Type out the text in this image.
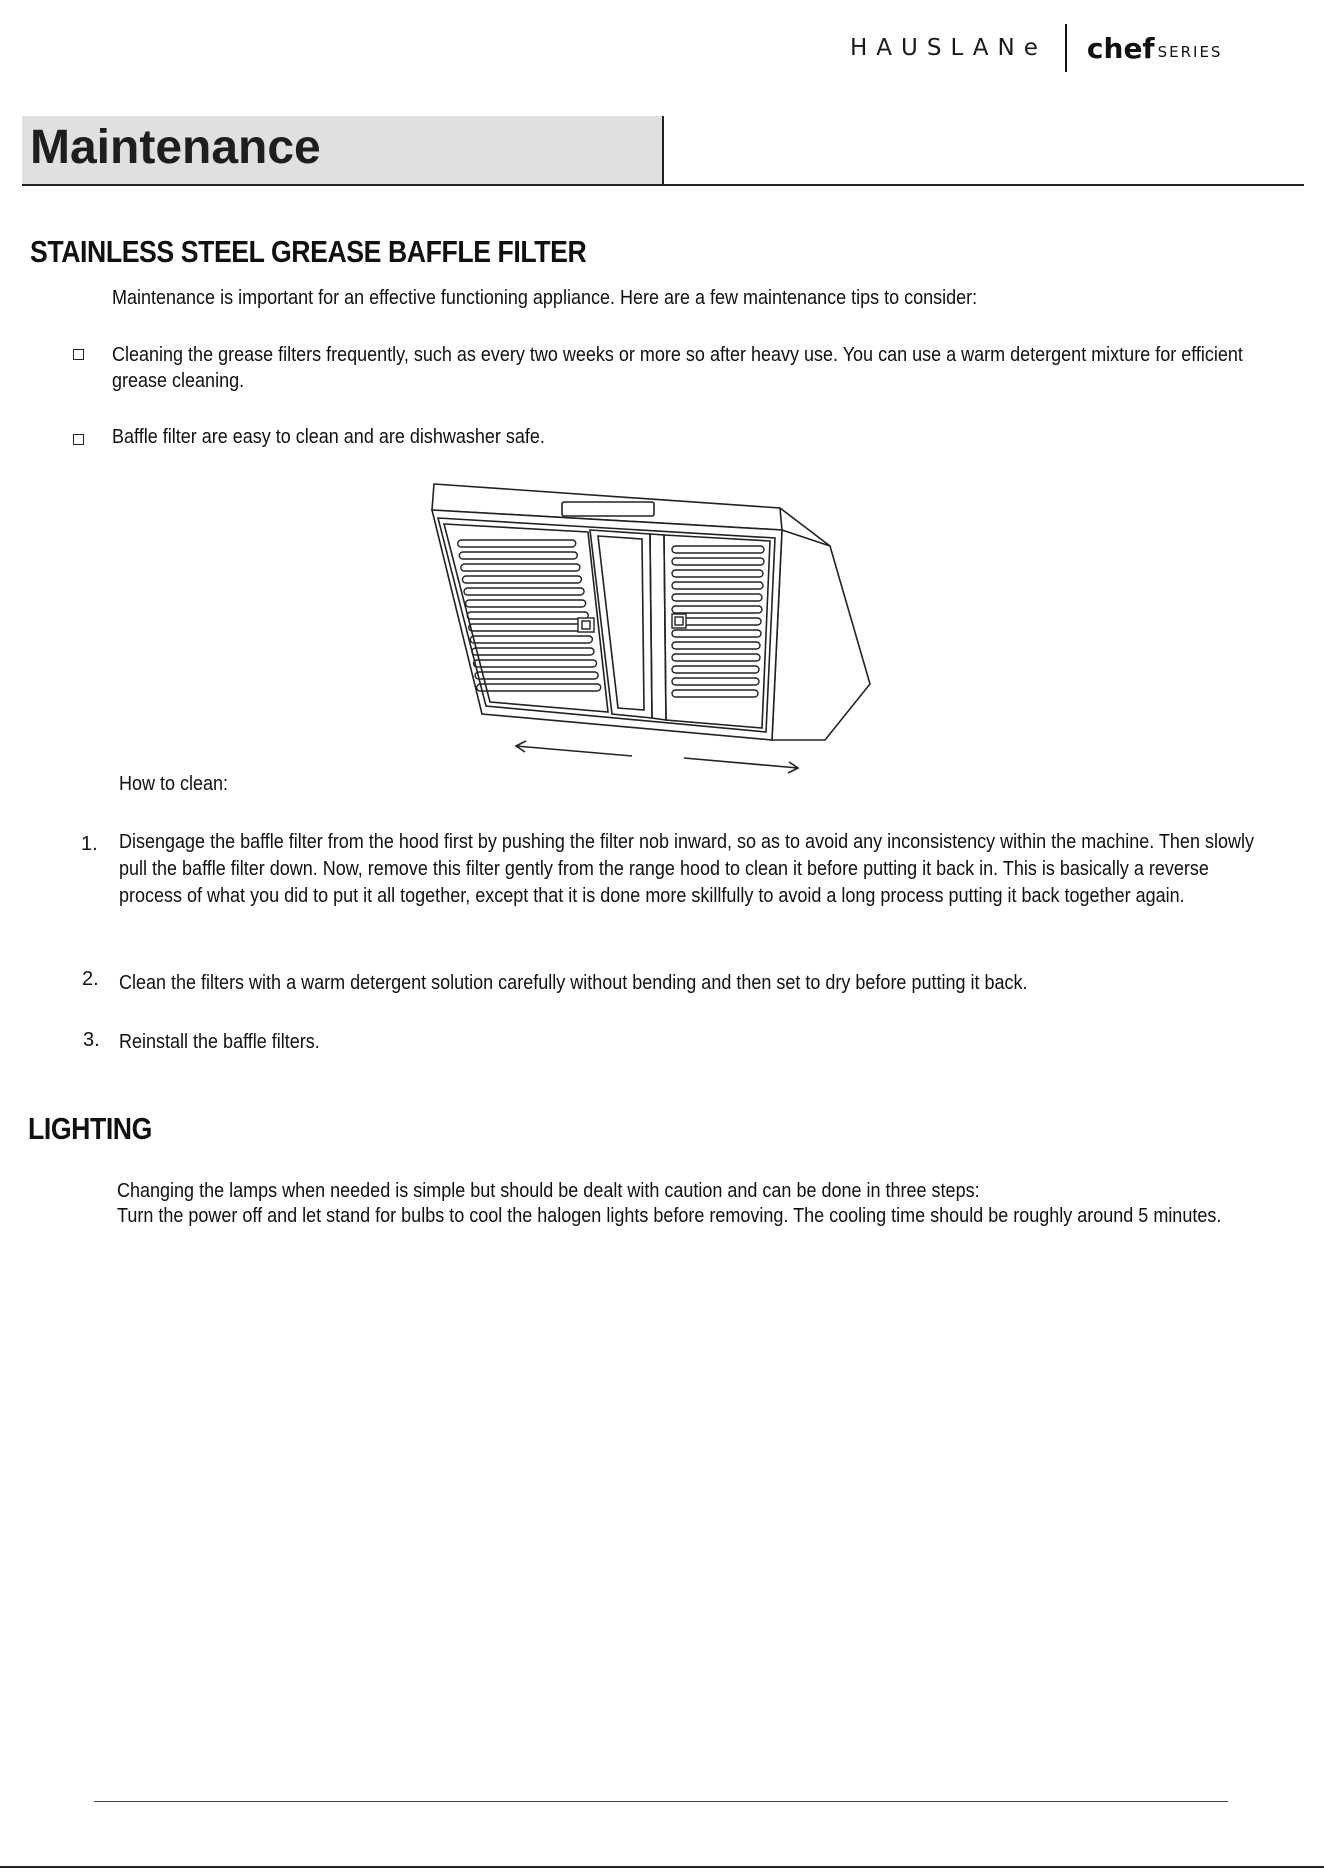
HAUSLANe chef SERIES
Maintenance
STAINLESS STEEL GREASE BAFFLE FILTER
Maintenance is important for an effective functioning appliance. Here are a few maintenance tips to consider:
Cleaning the grease filters frequently, such as every two weeks or more so after heavy use. You can use a warm detergent mixture for efficient grease cleaning.
Baffle filter are easy to clean and are dishwasher safe.
How to clean:
1. Disengage the baffle filter from the hood first by pushing the filter nob inward, so as to avoid any inconsistency within the machine. Then slowly pull the baffle filter down. Now, remove this filter gently from the range hood to clean it before putting it back in. This is basically a reverse process of what you did to put it all together, except that it is done more skillfully to avoid a long process putting it back together again.
2. Clean the filters with a warm detergent solution carefully without bending and then set to dry before putting it back.
3. Reinstall the baffle filters.
LIGHTING
Changing the lamps when needed is simple but should be dealt with caution and can be done in three steps:
Turn the power off and let stand for bulbs to cool the halogen lights before removing. The cooling time should be roughly around 5 minutes.
